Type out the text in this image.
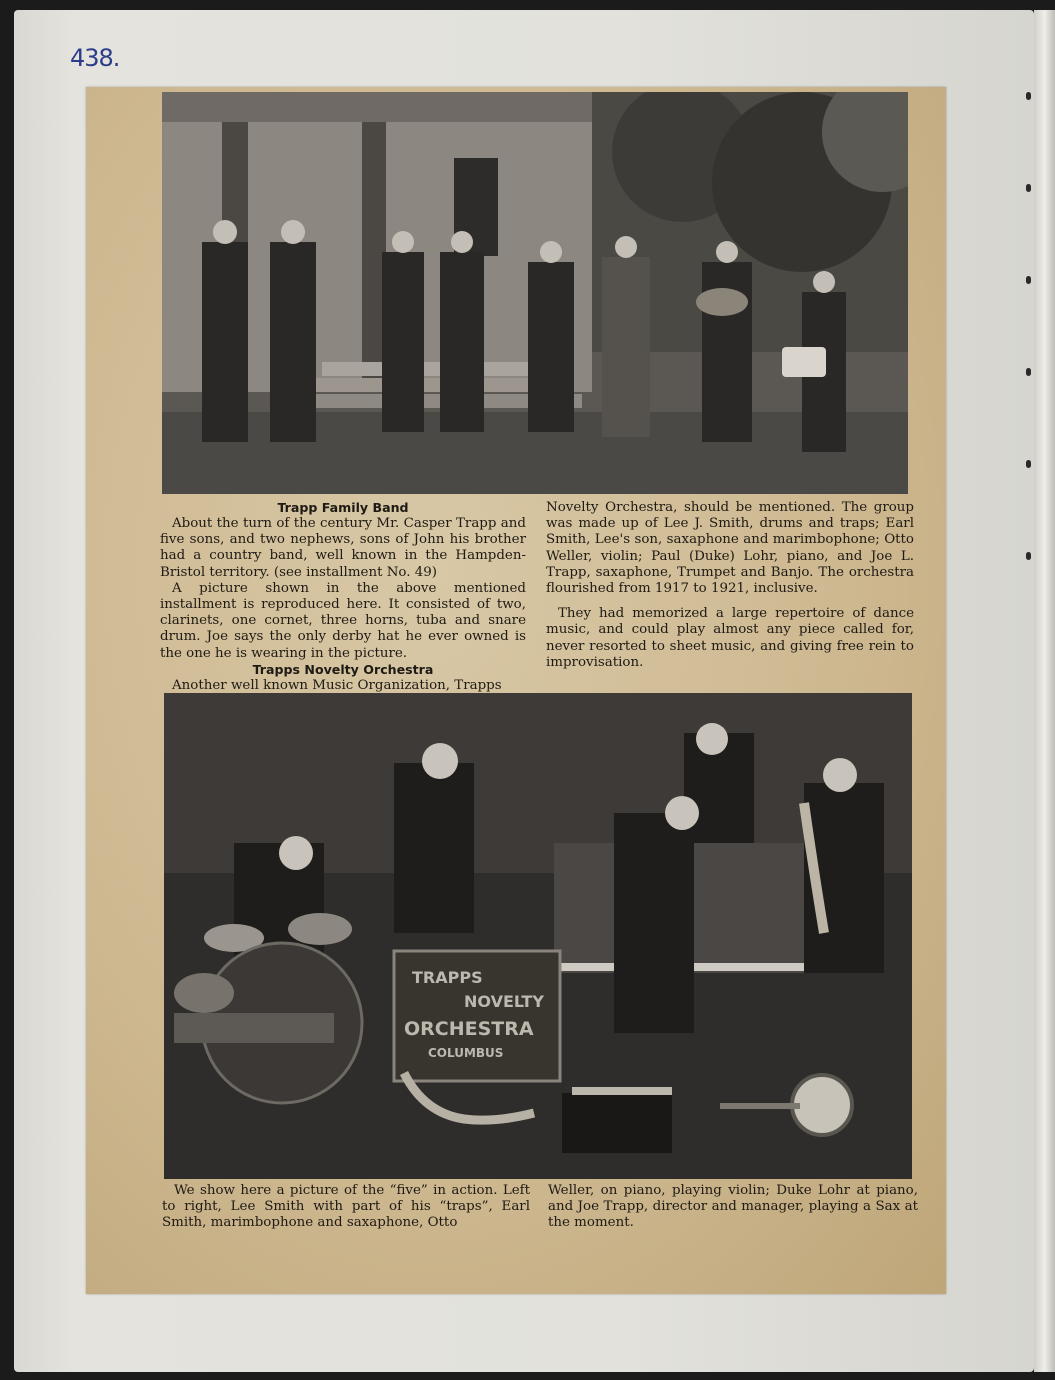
438.
Trapp Family Band

About the turn of the century Mr. Casper Trapp and five sons, and two nephews, sons of John his brother had a country band, well known in the Hampden-Bristol territory. (see installment No. 49)

A picture shown in the above mentioned installment is reproduced here. It consisted of two, clarinets, one cornet, three horns, tuba and snare drum. Joe says the only derby hat he ever owned is the one he is wearing in the picture.

Trapps Novelty Orchestra

Another well known Music Organization, Trapps

Novelty Orchestra, should be mentioned. The group was made up of Lee J. Smith, drums and traps; Earl Smith, Lee's son, saxaphone and marimbophone; Otto Weller, violin; Paul (Duke) Lohr, piano, and Joe L. Trapp, saxaphone, Trumpet and Banjo. The orchestra flourished from 1917 to 1921, inclusive.

They had memorized a large repertoire of dance music, and could play almost any piece called for, never resorted to sheet music, and giving free rein to improvisation.

TRAPPS
NOVELTY
ORCHESTRA
COLUMBUS

We show here a picture of the “five” in action. Left to right, Lee Smith with part of his “traps”, Earl Smith, marimbophone and saxaphone, Otto

Weller, on piano, playing violin; Duke Lohr at piano, and Joe Trapp, director and manager, playing a Sax at the moment.
